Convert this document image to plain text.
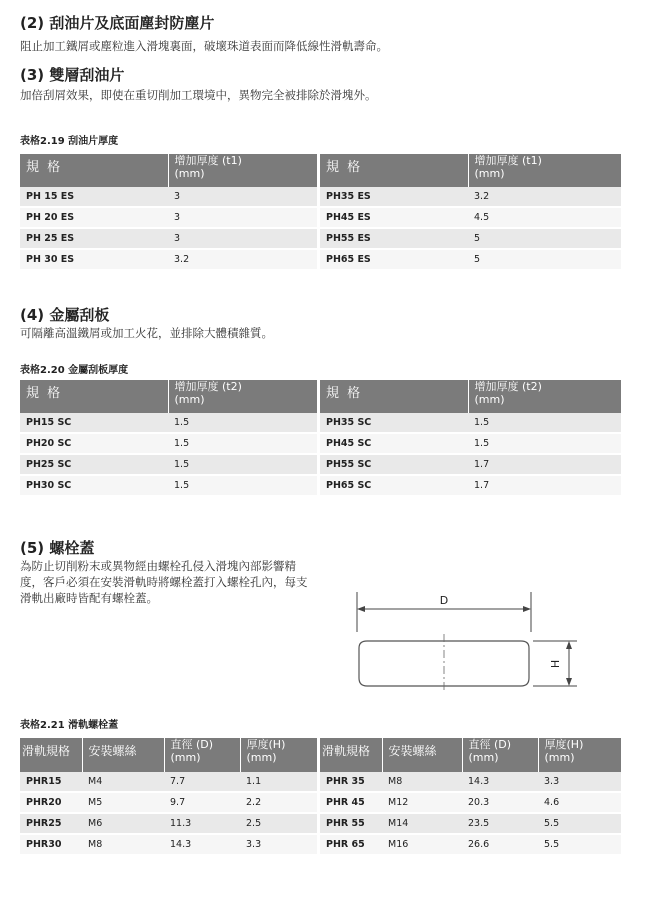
(2) 刮油片及底面塵封防塵片
阻止加工鐵屑或塵粒進入滑塊裏面，破壞珠道表面而降低線性滑軌壽命。
(3) 雙層刮油片
加倍刮屑效果，即使在重切削加工環境中，異物完全被排除於滑塊外。
表格2.19 刮油片厚度
規 格	增加厚度 (t1)
(mm)		規 格	增加厚度 (t1)
(mm)
PH 15 ES	3		PH35 ES	3.2
PH 20 ES	3		PH45 ES	4.5
PH 25 ES	3		PH55 ES	5
PH 30 ES	3.2		PH65 ES	5
(4) 金屬刮板
可隔離高溫鐵屑或加工火花，並排除大體積雜質。
表格2.20 金屬刮板厚度
規 格	增加厚度 (t2)
(mm)		規 格	增加厚度 (t2)
(mm)
PH15 SC	1.5		PH35 SC	1.5
PH20 SC	1.5		PH45 SC	1.5
PH25 SC	1.5		PH55 SC	1.7
PH30 SC	1.5		PH65 SC	1.7
(5) 螺栓蓋
為防止切削粉末或異物經由螺栓孔侵入滑塊內部影響精
度，客戶必須在安裝滑軌時將螺栓蓋打入螺栓孔內，每支
滑軌出廠時皆配有螺栓蓋。	D
H
表格2.21 滑軌螺栓蓋
滑軌規格	安裝螺絲	直徑 (D)
(mm)	厚度(H)
(mm)		滑軌規格	安裝螺絲	直徑 (D)
(mm)	厚度(H)
(mm)
PHR15	M4	7.7	1.1		PHR 35	M8	14.3	3.3
PHR20	M5	9.7	2.2		PHR 45	M12	20.3	4.6
PHR25	M6	11.3	2.5		PHR 55	M14	23.5	5.5
PHR30	M8	14.3	3.3		PHR 65	M16	26.6	5.5
